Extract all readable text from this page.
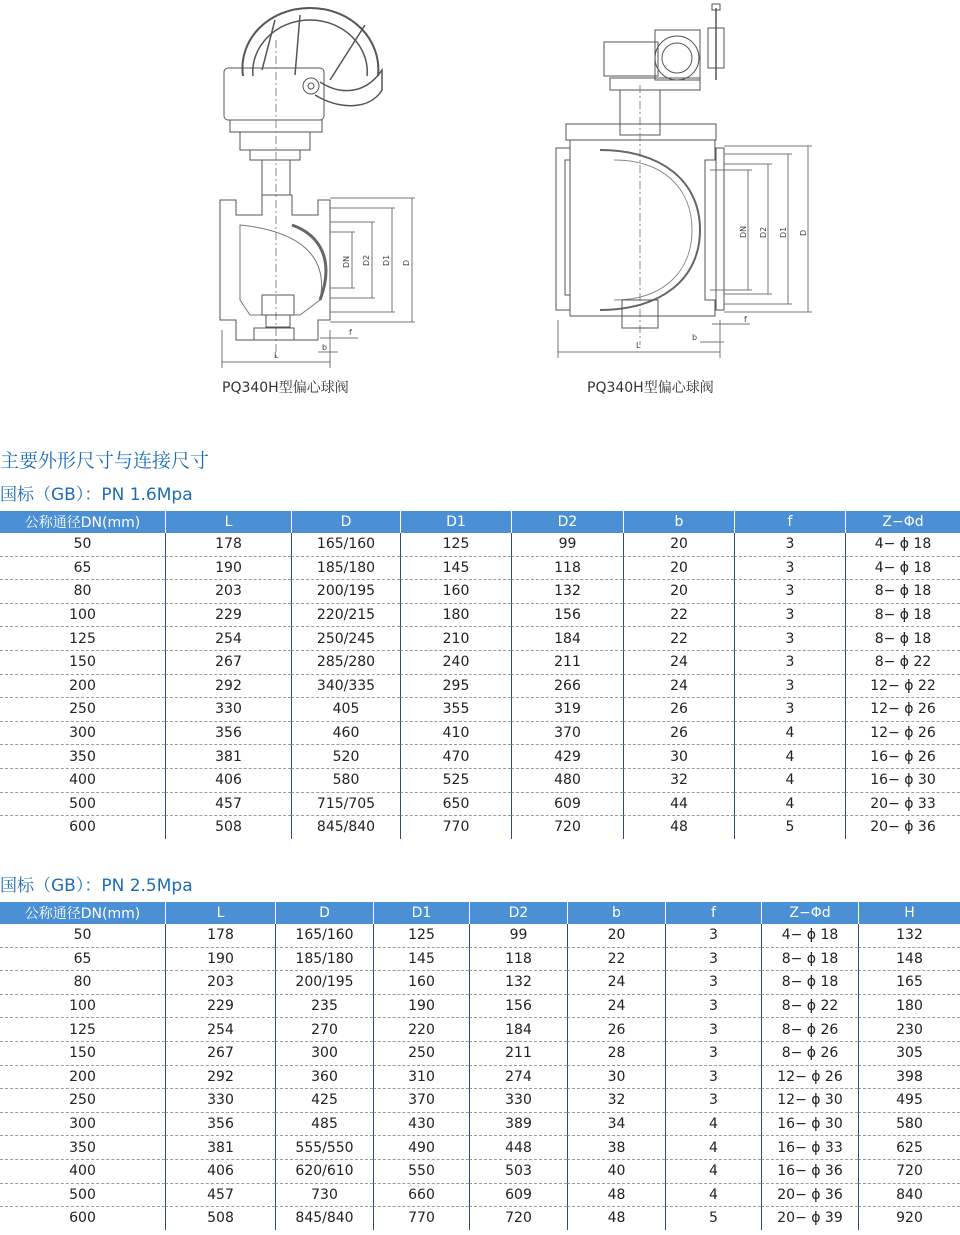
DN D2 D1 D
L
b
f
DN D2 D1 D
L
b
f
PQ340H型偏心球阀	PQ340H型偏心球阀
主要外形尺寸与连接尺寸
国标（GB）：PN 1.6Mpa
公称通径DN(mm)	L	D	D1	D2	b	f	Z−Φd
50	178	165/160	125	99	20	3	4− ϕ 18
65	190	185/180	145	118	20	3	4− ϕ 18
80	203	200/195	160	132	20	3	8− ϕ 18
100	229	220/215	180	156	22	3	8− ϕ 18
125	254	250/245	210	184	22	3	8− ϕ 18
150	267	285/280	240	211	24	3	8− ϕ 22
200	292	340/335	295	266	24	3	12− ϕ 22
250	330	405	355	319	26	3	12− ϕ 26
300	356	460	410	370	26	4	12− ϕ 26
350	381	520	470	429	30	4	16− ϕ 26
400	406	580	525	480	32	4	16− ϕ 30
500	457	715/705	650	609	44	4	20− ϕ 33
600	508	845/840	770	720	48	5	20− ϕ 36
国标（GB）：PN 2.5Mpa
公称通径DN(mm)	L	D	D1	D2	b	f	Z−Φd	H
50	178	165/160	125	99	20	3	4− ϕ 18	132
65	190	185/180	145	118	22	3	8− ϕ 18	148
80	203	200/195	160	132	24	3	8− ϕ 18	165
100	229	235	190	156	24	3	8− ϕ 22	180
125	254	270	220	184	26	3	8− ϕ 26	230
150	267	300	250	211	28	3	8− ϕ 26	305
200	292	360	310	274	30	3	12− ϕ 26	398
250	330	425	370	330	32	3	12− ϕ 30	495
300	356	485	430	389	34	4	16− ϕ 30	580
350	381	555/550	490	448	38	4	16− ϕ 33	625
400	406	620/610	550	503	40	4	16− ϕ 36	720
500	457	730	660	609	48	4	20− ϕ 36	840
600	508	845/840	770	720	48	5	20− ϕ 39	920
